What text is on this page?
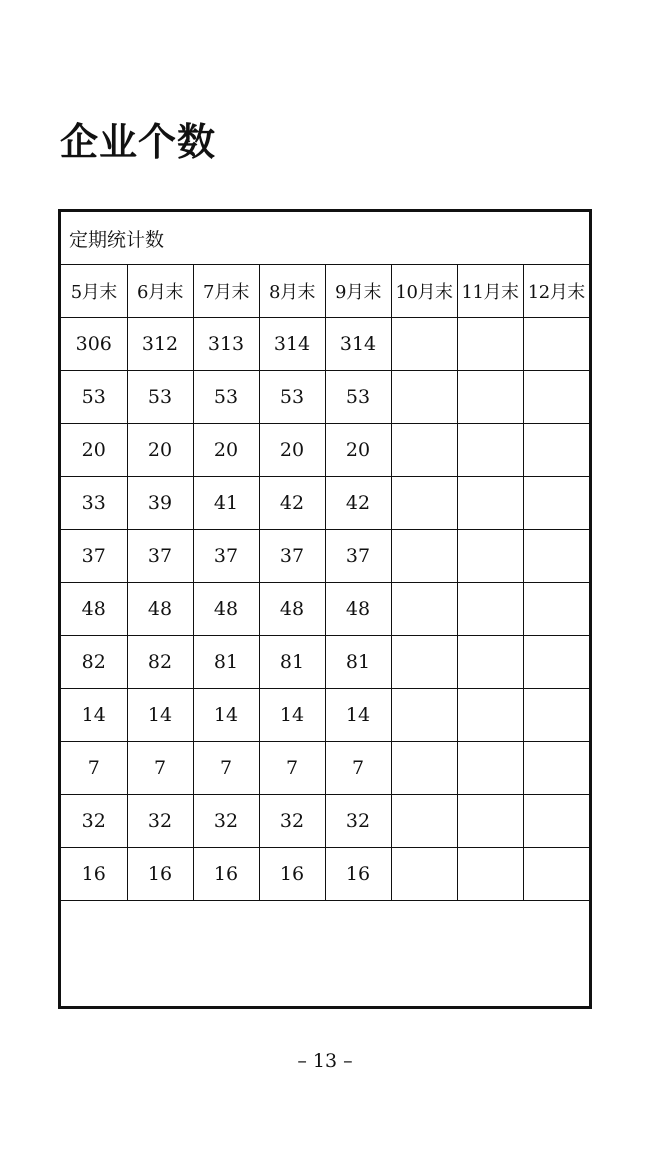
企业个数
定期统计数							
5月末	6月末	7月末	8月末	9月末	10月末	11月末	12月末
306	312	313	314	314			
53	53	53	53	53			
20	20	20	20	20			
33	39	41	42	42			
37	37	37	37	37			
48	48	48	48	48			
82	82	81	81	81			
14	14	14	14	14			
7	7	7	7	7			
32	32	32	32	32			
16	16	16	16	16			

– 13 –
